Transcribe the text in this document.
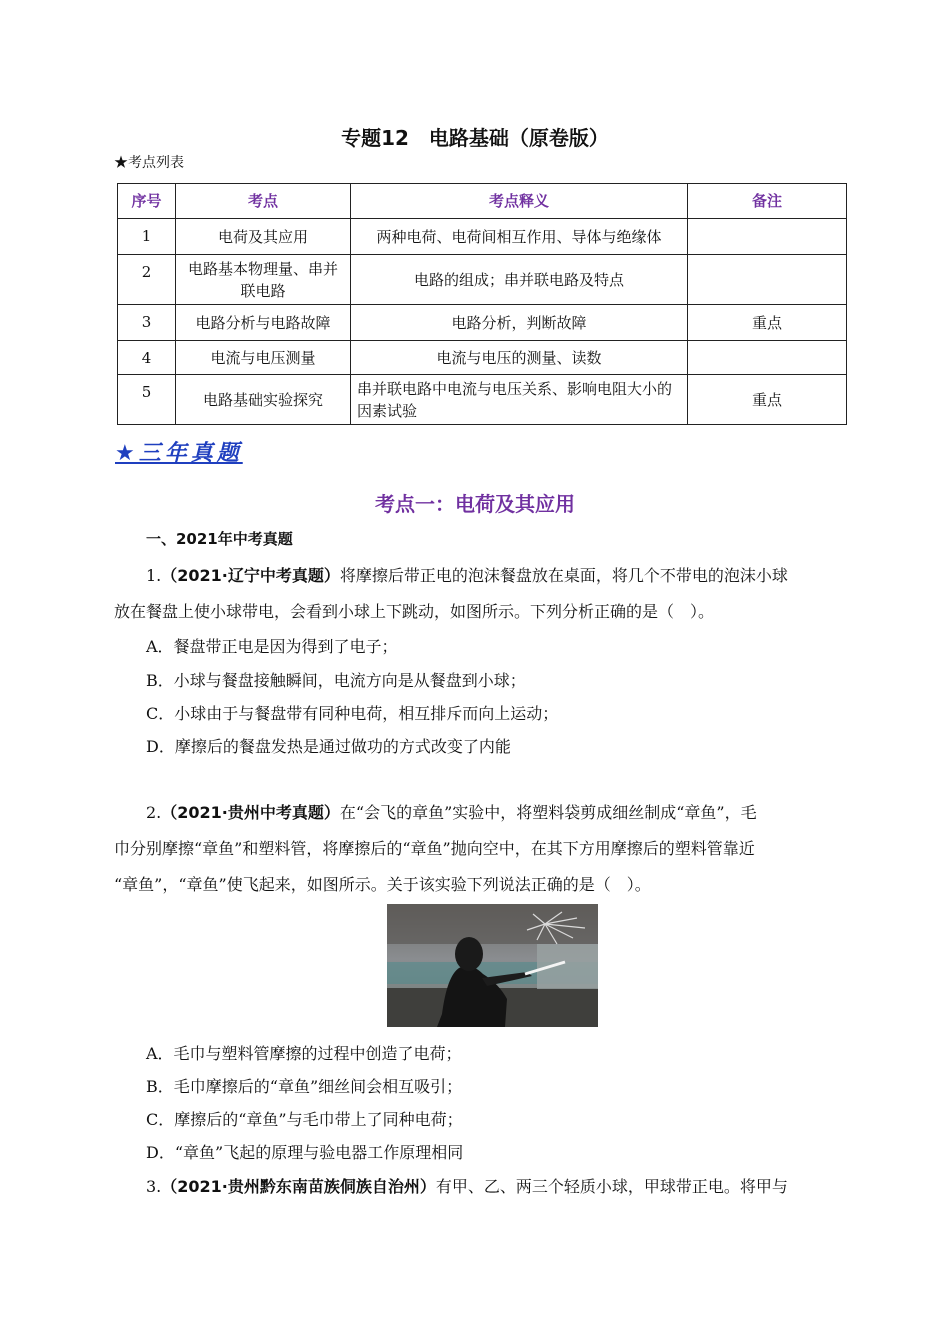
专题12　电路基础（原卷版）
★考点列表
序号	考点	考点释义	备注
1	电荷及其应用	两种电荷、电荷间相互作用、导体与绝缘体	
2	电路基本物理量、串并联电路	电路的组成；串并联电路及特点	
3	电路分析与电路故障	电路分析，判断故障	重点
4	电流与电压测量	电流与电压的测量、读数	
5	电路基础实验探究	串并联电路中电流与电压关系、影响电阻大小的因素试验	重点
★三年真题
考点一：电荷及其应用
一、2021年中考真题
1.（2021·辽宁中考真题）将摩擦后带正电的泡沫餐盘放在桌面，将几个不带电的泡沫小球
放在餐盘上使小球带电，会看到小球上下跳动，如图所示。下列分析正确的是（　）。
A．餐盘带正电是因为得到了电子；
B．小球与餐盘接触瞬间，电流方向是从餐盘到小球；
C．小球由于与餐盘带有同种电荷，相互排斥而向上运动；
D．摩擦后的餐盘发热是通过做功的方式改变了内能
2.（2021·贵州中考真题）在“会飞的章鱼”实验中，将塑料袋剪成细丝制成“章鱼”，毛
巾分别摩擦“章鱼”和塑料管，将摩擦后的“章鱼”抛向空中，在其下方用摩擦后的塑料管靠近
“章鱼”，“章鱼”使飞起来，如图所示。关于该实验下列说法正确的是（　）。
A．毛巾与塑料管摩擦的过程中创造了电荷；
B．毛巾摩擦后的“章鱼”细丝间会相互吸引；
C．摩擦后的“章鱼”与毛巾带上了同种电荷；
D．“章鱼”飞起的原理与验电器工作原理相同
3.（2021·贵州黔东南苗族侗族自治州）有甲、乙、两三个轻质小球，甲球带正电。将甲与
